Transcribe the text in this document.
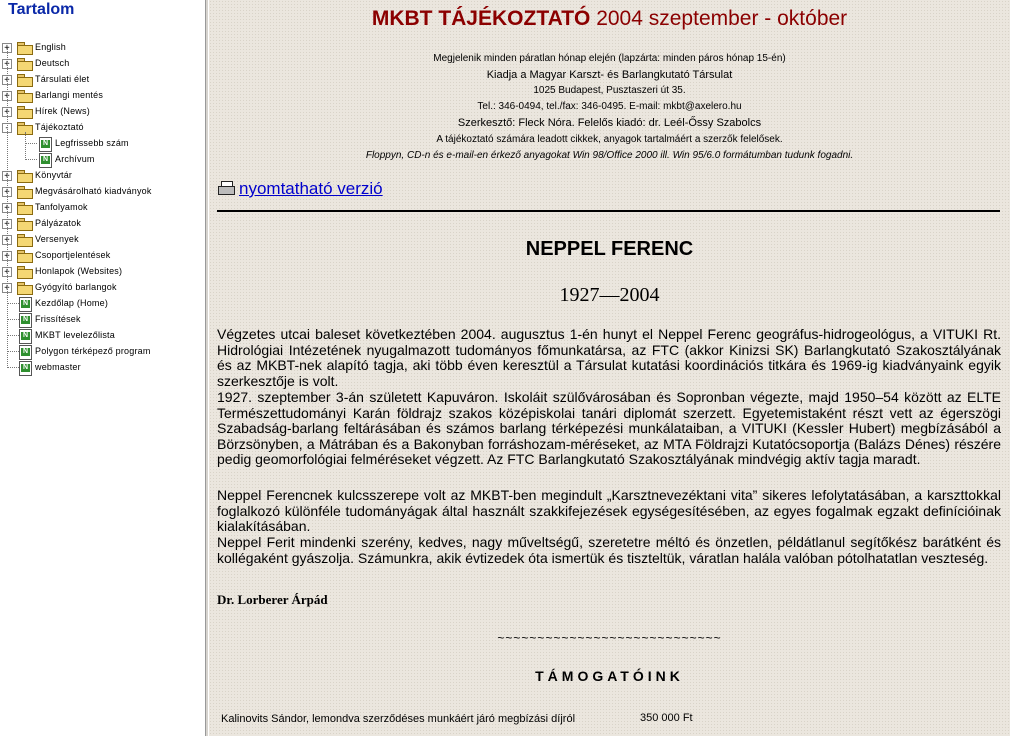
Tartalom
+	English
+	Deutsch
+	Társulati élet
+	Barlangi mentés
+	Hírek (News)
-	Tájékoztató
N Legfrissebb szám
N Archívum
+	Könyvtár
+	Megvásárolható kiadványok
+	Tanfolyamok
+	Pályázatok
+	Versenyek
+	Csoportjelentések
+	Honlapok (Websites)
+	Gyógyító barlangok
N Kezdőlap (Home)
N Frissítések
N MKBT levelezőlista
N Polygon térképező program
N webmaster
MKBT TÁJÉKOZTATÓ 2004 szeptember - október
Megjelenik minden páratlan hónap elején (lapzárta: minden páros hónap 15-én)
Kiadja a Magyar Karszt- és Barlangkutató Társulat
1025 Budapest, Pusztaszeri út 35.
Tel.: 346-0494, tel./fax: 346-0495. E-mail: mkbt@axelero.hu
Szerkesztő: Fleck Nóra. Felelős kiadó: dr. Leél-Őssy Szabolcs
A tájékoztató számára leadott cikkek, anyagok tartalmáért a szerzők felelősek.
Floppyn, CD-n és e-mail-en érkező anyagokat Win 98/Office 2000 ill. Win 95/6.0 formátumban tudunk fogadni.
nyomtatható verzió
NEPPEL FERENC
1927—2004
Végzetes utcai baleset következtében 2004. augusztus 1-én hunyt el Neppel Ferenc geográfus-hidrogeológus, a VITUKI Rt. Hidrológiai Intézetének nyugalmazott tudományos főmunkatársa, az FTC (akkor Kinizsi SK) Barlangkutató Szakosztályának és az MKBT-nek alapító tagja, aki több éven keresztül a Társulat kutatási koordinációs titkára és 1969-ig kiadványaink egyik szerkesztője is volt.
1927. szeptember 3-án született Kapuváron. Iskoláit szülővárosában és Sopronban végezte, majd 1950–54 között az ELTE Természettudományi Karán földrajz szakos középiskolai tanári diplomát szerzett. Egyetemistaként részt vett az égerszögi Szabadság-barlang feltárásában és számos barlang térképezési munkálataiban, a VITUKI (Kessler Hubert) megbízásából a Börzsönyben, a Mátrában és a Bakonyban forráshozam-méréseket, az MTA Földrajzi Kutatócsoportja (Balázs Dénes) részére pedig geomorfológiai felméréseket végzett. Az FTC Barlangkutató Szakosztályának mindvégig aktív tagja maradt.
Neppel Ferencnek kulcsszerepe volt az MKBT-ben megindult „Karsztnevezéktani vita” sikeres lefolytatásában, a karszttokkal foglalkozó különféle tudományágak által használt szakkifejezések egységesítésében, az egyes fogalmak egzakt definícióinak kialakításában.
Neppel Ferit mindenki szerény, kedves, nagy műveltségű, szeretetre méltó és önzetlen, példátlanul segítőkész barátként és kollégaként gyászolja. Számunkra, akik évtizedek óta ismertük és tiszteltük, váratlan halála valóban pótolhatatlan veszteség.
Dr. Lorberer Árpád
~~~~~~~~~~~~~~~~~~~~~~~~~~~~
TÁMOGATÓINK
Kalinovits Sándor, lemondva szerződéses munkáért járó megbízási díjról	350 000 Ft
